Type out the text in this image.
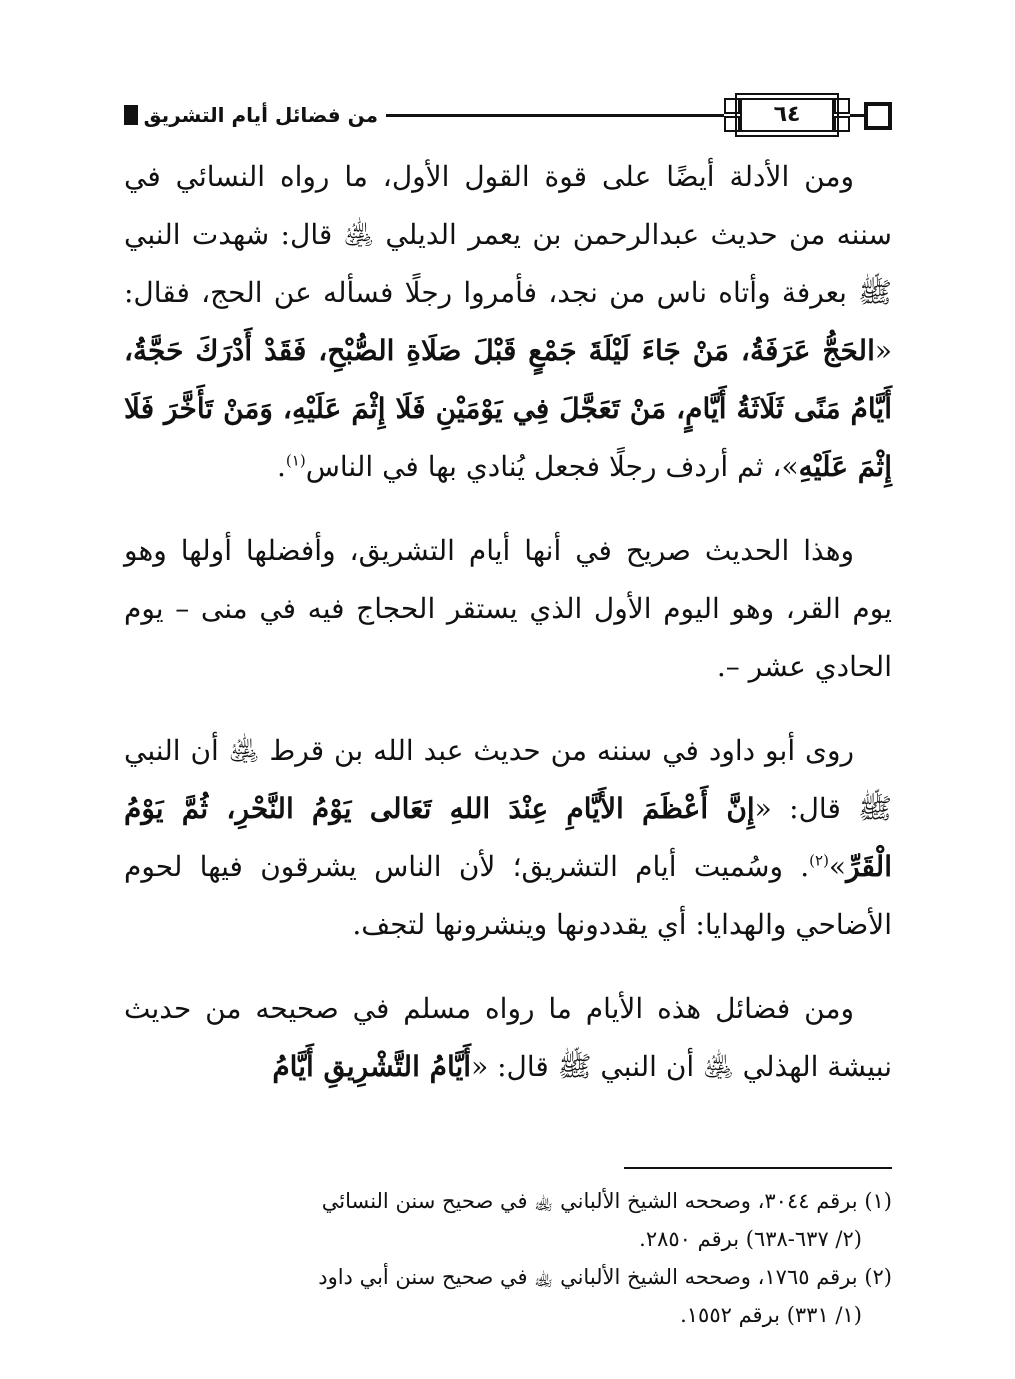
من فضائل أيام التشريق	٦٤

ومن الأدلة أيضًا على قوة القول الأول، ما رواه النسائي في سننه من حديث عبدالرحمن بن يعمر الديلي ﵁ قال: شهدت النبي ﷺ بعرفة وأتاه ناس من نجد، فأمروا رجلًا فسأله عن الحج، فقال: «الحَجُّ عَرَفَةُ، مَنْ جَاءَ لَيْلَةَ جَمْعٍ قَبْلَ صَلَاةِ الصُّبْحِ، فَقَدْ أَدْرَكَ حَجَّةُ، أَيَّامُ مَنًى ثَلَاثَةُ أَيَّامٍ، مَنْ تَعَجَّلَ فِي يَوْمَيْنِ فَلَا إِثْمَ عَلَيْهِ، وَمَنْ تَأَخَّرَ فَلَا إِثْمَ عَلَيْهِ»، ثم أردف رجلًا فجعل يُنادي بها في الناس$^{(١)}$.

وهذا الحديث صريح في أنها أيام التشريق، وأفضلها أولها وهو يوم القر، وهو اليوم الأول الذي يستقر الحجاج فيه في منى – يوم الحادي عشر –.

روى أبو داود في سننه من حديث عبد الله بن قرط ﵁ أن النبي ﷺ قال: «إِنَّ أَعْظَمَ الأَيَّامِ عِنْدَ اللهِ تَعَالى يَوْمُ النَّحْرِ، ثُمَّ يَوْمُ الْقَرِّ»$^{(٢)}$. وسُميت أيام التشريق؛ لأن الناس يشرقون فيها لحوم الأضاحي والهدايا: أي يقددونها وينشرونها لتجف.

ومن فضائل هذه الأيام ما رواه مسلم في صحيحه من حديث نبيشة الهذلي ﵁ أن النبي ﷺ قال: «أَيَّامُ التَّشْرِيقِ أَيَّامُ

(١) برقم ٣٠٤٤، وصححه الشيخ الألباني ﵀ في صحيح سنن النسائي

(٢/ ٦٣٧-٦٣٨) برقم ٢٨٥٠.

(٢) برقم ١٧٦٥، وصححه الشيخ الألباني ﵀ في صحيح سنن أبي داود

(١/ ٣٣١) برقم ١٥٥٢.
